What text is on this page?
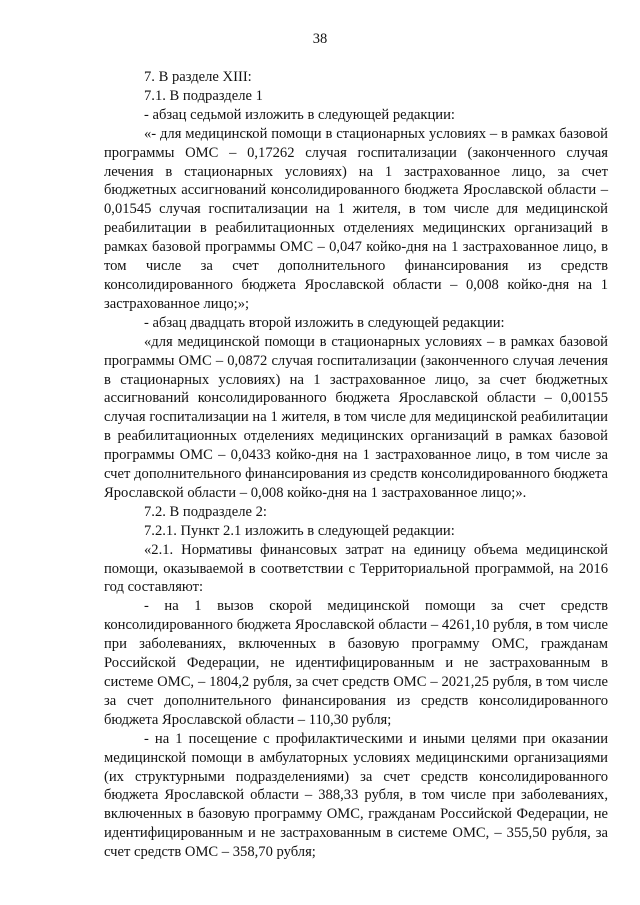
38

7. В разделе XIII:

7.1. В подразделе 1

- абзац седьмой изложить в следующей редакции:

«- для медицинской помощи в стационарных условиях – в рамках базовой программы ОМС – 0,17262 случая госпитализации (законченного случая лечения в стационарных условиях) на 1 застрахованное лицо, за счет бюджетных ассигнований консолидированного бюджета Ярославской области – 0,01545 случая госпитализации на 1 жителя, в том числе для медицинской реабилитации в реабилитационных отделениях медицинских организаций в рамках базовой программы ОМС – 0,047 койко-дня на 1 застрахованное лицо, в том числе за счет дополнительного финансирования из средств консолидированного бюджета Ярославской области – 0,008 койко-дня на 1 застрахованное лицо;»;

- абзац двадцать второй изложить в следующей редакции:

«для медицинской помощи в стационарных условиях – в рамках базовой программы ОМС – 0,0872 случая госпитализации (законченного случая лечения в стационарных условиях) на 1 застрахованное лицо, за счет бюджетных ассигнований консолидированного бюджета Ярославской области – 0,00155 случая госпитализации на 1 жителя, в том числе для медицинской реабилитации в реабилитационных отделениях медицинских организаций в рамках базовой программы ОМС – 0,0433 койко-дня на 1 застрахованное лицо, в том числе за счет дополнительного финансирования из средств консолидированного бюджета Ярославской области – 0,008 койко-дня на 1 застрахованное лицо;».

7.2. В подразделе 2:

7.2.1. Пункт 2.1 изложить в следующей редакции:

«2.1. Нормативы финансовых затрат на единицу объема медицинской помощи, оказываемой в соответствии с Территориальной программой, на 2016 год составляют:

- на 1 вызов скорой медицинской помощи за счет средств консолидированного бюджета Ярославской области – 4261,10 рубля, в том числе при заболеваниях, включенных в базовую программу ОМС, гражданам Российской Федерации, не идентифицированным и не застрахованным в системе ОМС, – 1804,2 рубля, за счет средств ОМС – 2021,25 рубля, в том числе за счет дополнительного финансирования из средств консолидированного бюджета Ярославской области – 110,30 рубля;

- на 1 посещение с профилактическими и иными целями при оказании медицинской помощи в амбулаторных условиях медицинскими организациями (их структурными подразделениями) за счет средств консолидированного бюджета Ярославской области – 388,33 рубля, в том числе при заболеваниях, включенных в базовую программу ОМС, гражданам Российской Федерации, не идентифицированным и не застрахованным в системе ОМС, – 355,50 рубля, за счет средств ОМС – 358,70 рубля;
